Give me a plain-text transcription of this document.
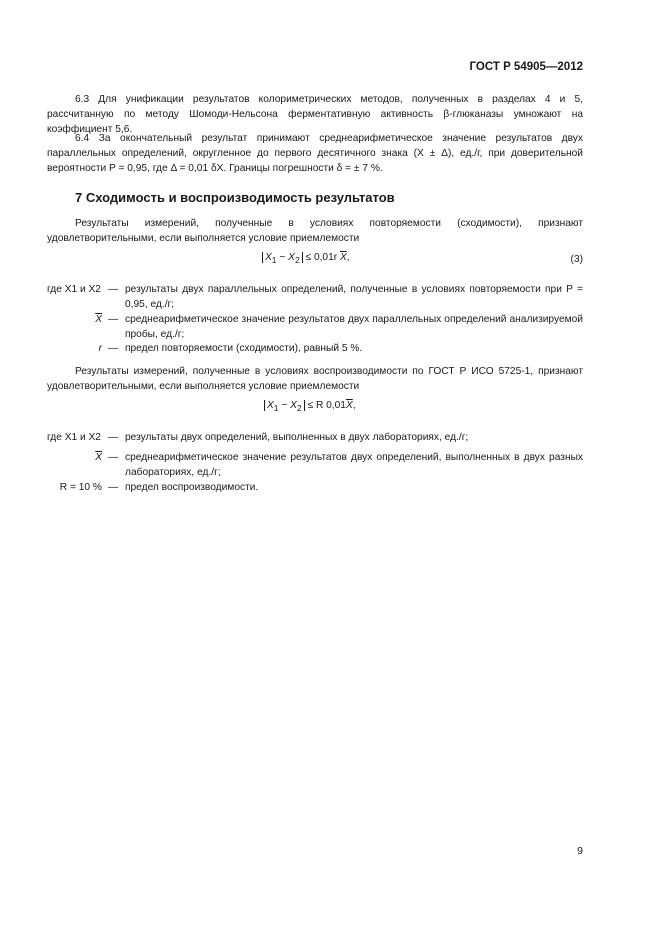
ГОСТ Р 54905—2012
6.3 Для унификации результатов колориметрических методов, полученных в разделах 4 и 5, рассчитанную по методу Шомоди-Нельсона ферментативную активность β-глюканазы умножают на коэффициент 5,6.
6.4 За окончательный результат принимают среднеарифметическое значение результатов двух параллельных определений, округленное до первого десятичного знака (X ± Δ), ед./г, при доверительной вероятности P = 0,95, где Δ = 0,01 δX. Границы погрешности δ = ± 7 %.
7 Сходимость и воспроизводимость результатов
Результаты измерений, полученные в условиях повторяемости (сходимости), признают удовлетворительными, если выполняется условие приемлемости
$X_1 - X_2 \le 0,01r$ $\overline{X}$,	(3)
где X1 и X2 — результаты двух параллельных определений, полученные в условиях повторяемости при P = 0,95, ед./г;
$\overline{X}$ — среднеарифметическое значение результатов двух параллельных определений анализируемой пробы, ед./г;
r — предел повторяемости (сходимости), равный 5 %.
Результаты измерений, полученные в условиях воспроизводимости по ГОСТ Р ИСО 5725-1, признают удовлетворительными, если выполняется условие приемлемости
$X_1 - X_2 \le R$ $0,01\overline{X}$,
где X1 и X2 — результаты двух определений, выполненных в двух лабораториях, ед./г;
$\overline{X}$ — среднеарифметическое значение результатов двух определений, выполненных в двух разных лабораториях, ед./г;
R = 10 % — предел воспроизводимости.
9
